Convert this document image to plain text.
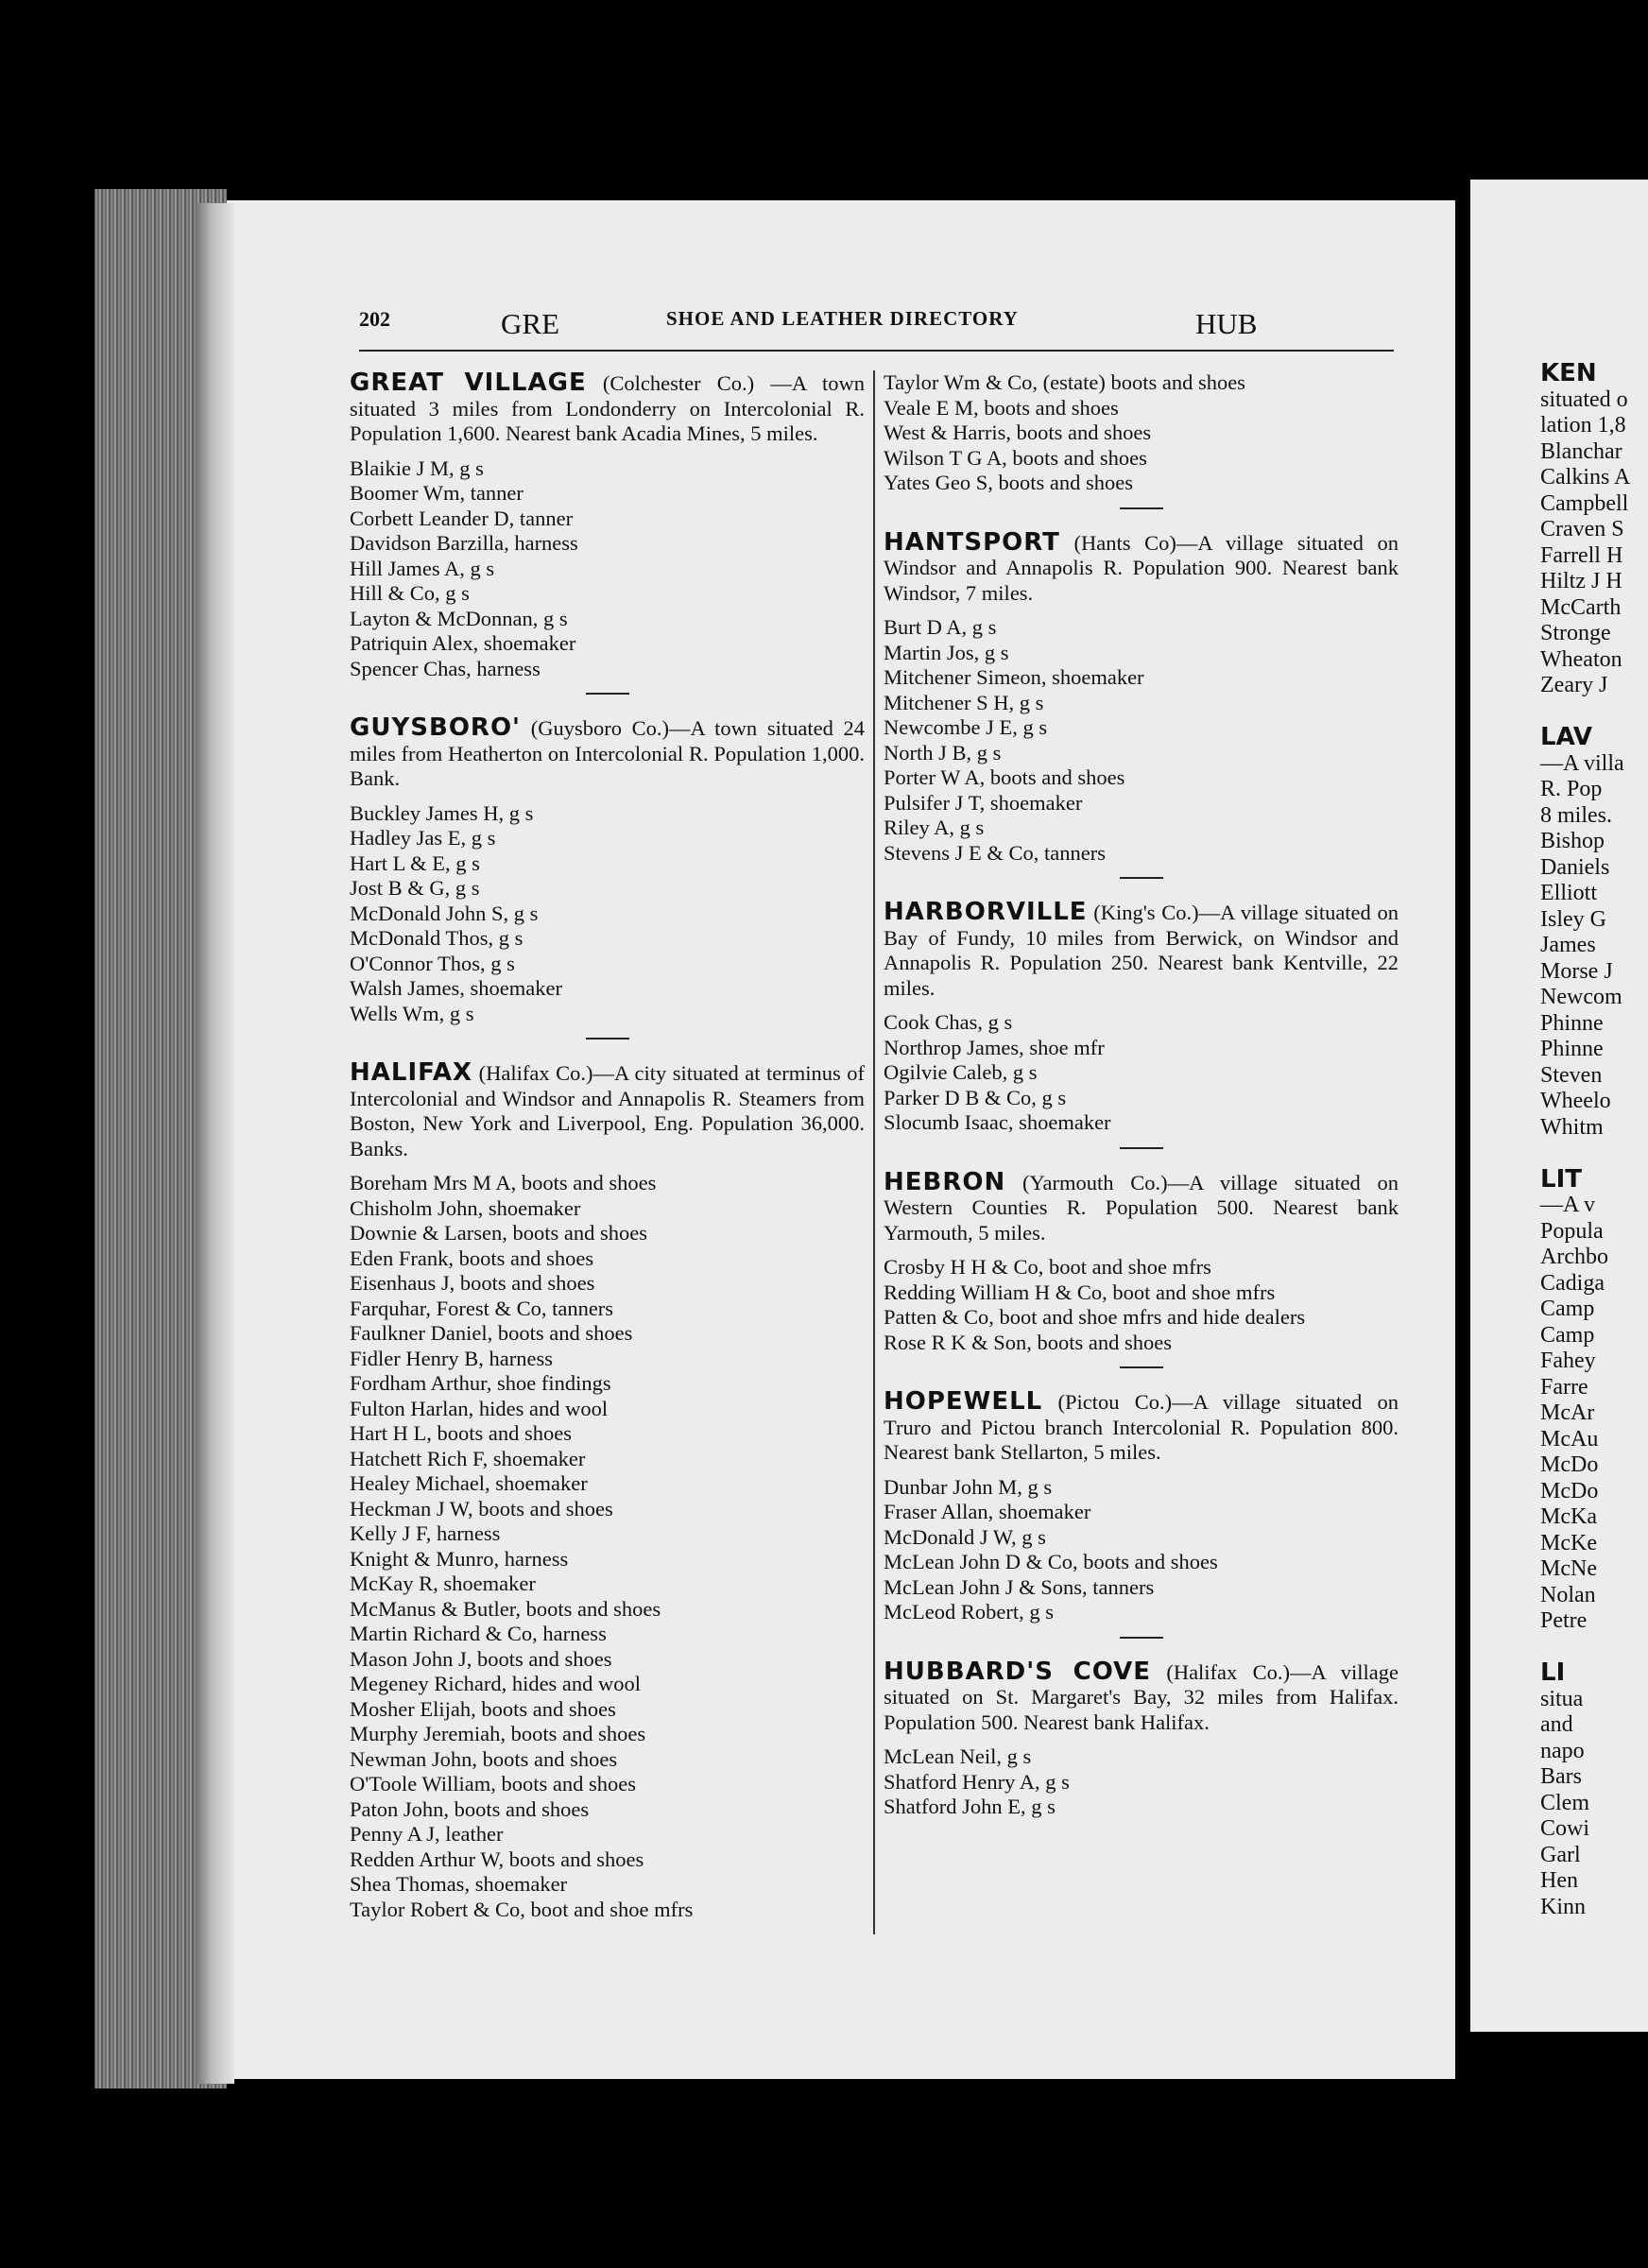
KEN
situated o
lation 1,8
Blanchar
Calkins A
Campbell
Craven S
Farrell H
Hiltz J H
McCarth
Stronge
Wheaton
Zeary J

LAV
—A villa
R. Pop
8 miles.
Bishop
Daniels
Elliott
Isley G
James
Morse J
Newcom
Phinne
Phinne
Steven
Wheelo
Whitm

LIT
—A v
Popula
Archbo
Cadiga
Camp
Camp
Fahey
Farre
McAr
McAu
McDo
McDo
McKa
McKe
McNe
Nolan
Petre

LI
situa
and
napo
Bars
Clem
Cowi
Garl
Hen
Kinn
202	GRE	SHOE AND LEATHER DIRECTORY	HUB
GREAT VILLAGE (Colchester Co.) —A town situated 3 miles from Londonderry on Intercolonial R. Population 1,600. Nearest bank Acadia Mines, 5 miles.
Blaikie J M, g s
Boomer Wm, tanner
Corbett Leander D, tanner
Davidson Barzilla, harness
Hill James A, g s
Hill & Co, g s
Layton & McDonnan, g s
Patriquin Alex, shoemaker
Spencer Chas, harness
GUYSBORO' (Guysboro Co.)—A town situated 24 miles from Heatherton on Intercolonial R. Population 1,000. Bank.
Buckley James H, g s
Hadley Jas E, g s
Hart L & E, g s
Jost B & G, g s
McDonald John S, g s
McDonald Thos, g s
O'Connor Thos, g s
Walsh James, shoemaker
Wells Wm, g s
HALIFAX (Halifax Co.)—A city situated at terminus of Intercolonial and Windsor and Annapolis R. Steamers from Boston, New York and Liverpool, Eng. Population 36,000. Banks.
Boreham Mrs M A, boots and shoes
Chisholm John, shoemaker
Downie & Larsen, boots and shoes
Eden Frank, boots and shoes
Eisenhaus J, boots and shoes
Farquhar, Forest & Co, tanners
Faulkner Daniel, boots and shoes
Fidler Henry B, harness
Fordham Arthur, shoe findings
Fulton Harlan, hides and wool
Hart H L, boots and shoes
Hatchett Rich F, shoemaker
Healey Michael, shoemaker
Heckman J W, boots and shoes
Kelly J F, harness
Knight & Munro, harness
McKay R, shoemaker
McManus & Butler, boots and shoes
Martin Richard & Co, harness
Mason John J, boots and shoes
Megeney Richard, hides and wool
Mosher Elijah, boots and shoes
Murphy Jeremiah, boots and shoes
Newman John, boots and shoes
O'Toole William, boots and shoes
Paton John, boots and shoes
Penny A J, leather
Redden Arthur W, boots and shoes
Shea Thomas, shoemaker
Taylor Robert & Co, boot and shoe mfrs
Taylor Wm & Co, (estate) boots and shoes
Veale E M, boots and shoes
West & Harris, boots and shoes
Wilson T G A, boots and shoes
Yates Geo S, boots and shoes
HANTSPORT (Hants Co)—A village situated on Windsor and Annapolis R. Population 900. Nearest bank Windsor, 7 miles.
Burt D A, g s
Martin Jos, g s
Mitchener Simeon, shoemaker
Mitchener S H, g s
Newcombe J E, g s
North J B, g s
Porter W A, boots and shoes
Pulsifer J T, shoemaker
Riley A, g s
Stevens J E & Co, tanners
HARBORVILLE (King's Co.)—A village situated on Bay of Fundy, 10 miles from Berwick, on Windsor and Annapolis R. Population 250. Nearest bank Kentville, 22 miles.
Cook Chas, g s
Northrop James, shoe mfr
Ogilvie Caleb, g s
Parker D B & Co, g s
Slocumb Isaac, shoemaker
HEBRON (Yarmouth Co.)—A village situated on Western Counties R. Population 500. Nearest bank Yarmouth, 5 miles.
Crosby H H & Co, boot and shoe mfrs
Redding William H & Co, boot and shoe mfrs
Patten & Co, boot and shoe mfrs and hide dealers
Rose R K & Son, boots and shoes
HOPEWELL (Pictou Co.)—A village situated on Truro and Pictou branch Intercolonial R. Population 800. Nearest bank Stellarton, 5 miles.
Dunbar John M, g s
Fraser Allan, shoemaker
McDonald J W, g s
McLean John D & Co, boots and shoes
McLean John J & Sons, tanners
McLeod Robert, g s
HUBBARD'S COVE (Halifax Co.)—A village situated on St. Margaret's Bay, 32 miles from Halifax. Population 500. Nearest bank Halifax.
McLean Neil, g s
Shatford Henry A, g s
Shatford John E, g s
